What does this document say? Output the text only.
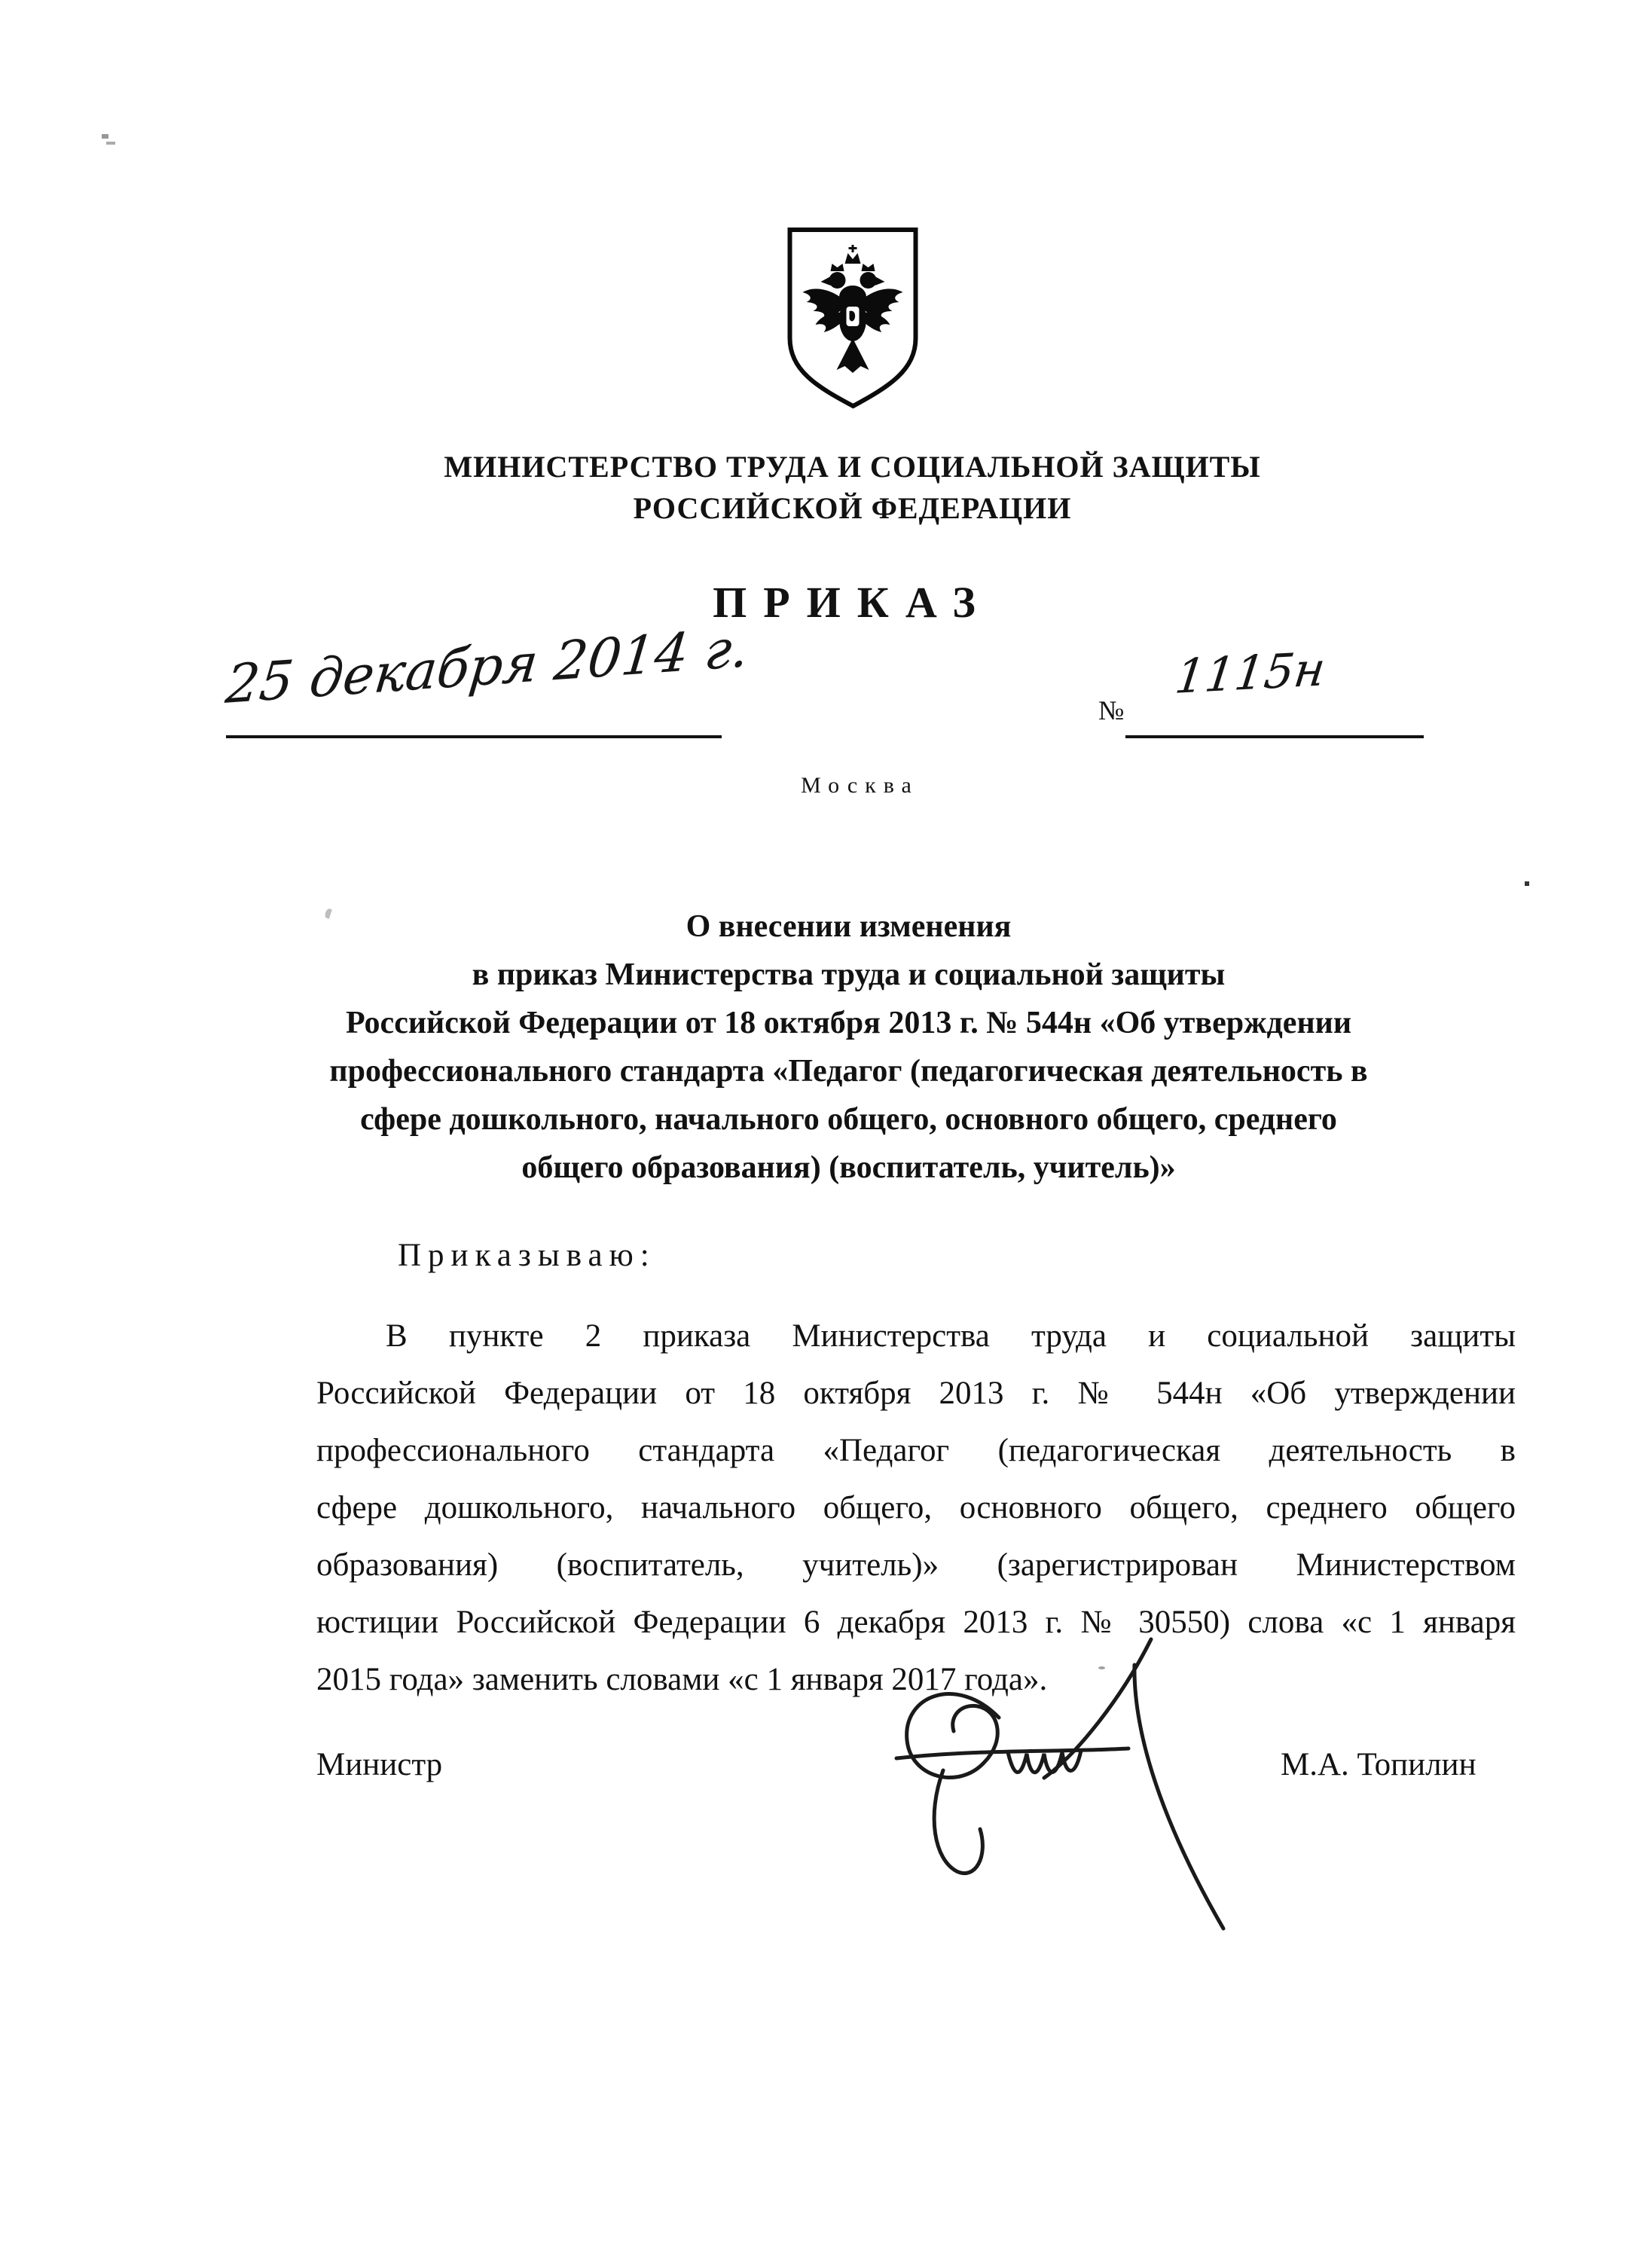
МИНИСТЕРСТВО ТРУДА И СОЦИАЛЬНОЙ ЗАЩИТЫ
РОССИЙСКОЙ ФЕДЕРАЦИИ
ПРИКАЗ
25 декабря 2014 г.	№
1115н
Москва
О внесении изменения
в приказ Министерства труда и социальной защиты
Российской Федерации от 18 октября 2013 г. № 544н «Об утверждении
профессионального стандарта «Педагог (педагогическая деятельность в
сфере дошкольного, начального общего, основного общего, среднего
общего образования) (воспитатель, учитель)»
Приказываю:
В пункте 2 приказа Министерства труда и социальной защиты
Российской Федерации от 18 октября 2013 г. № 544н «Об утверждении
профессионального стандарта «Педагог (педагогическая деятельность в
сфере дошкольного, начального общего, основного общего, среднего общего
образования) (воспитатель, учитель)» (зарегистрирован Министерством
юстиции Российской Федерации 6 декабря 2013 г. № 30550) слова «с 1 января
2015 года» заменить словами «с 1 января 2017 года».
Министр	М.А. Топилин
